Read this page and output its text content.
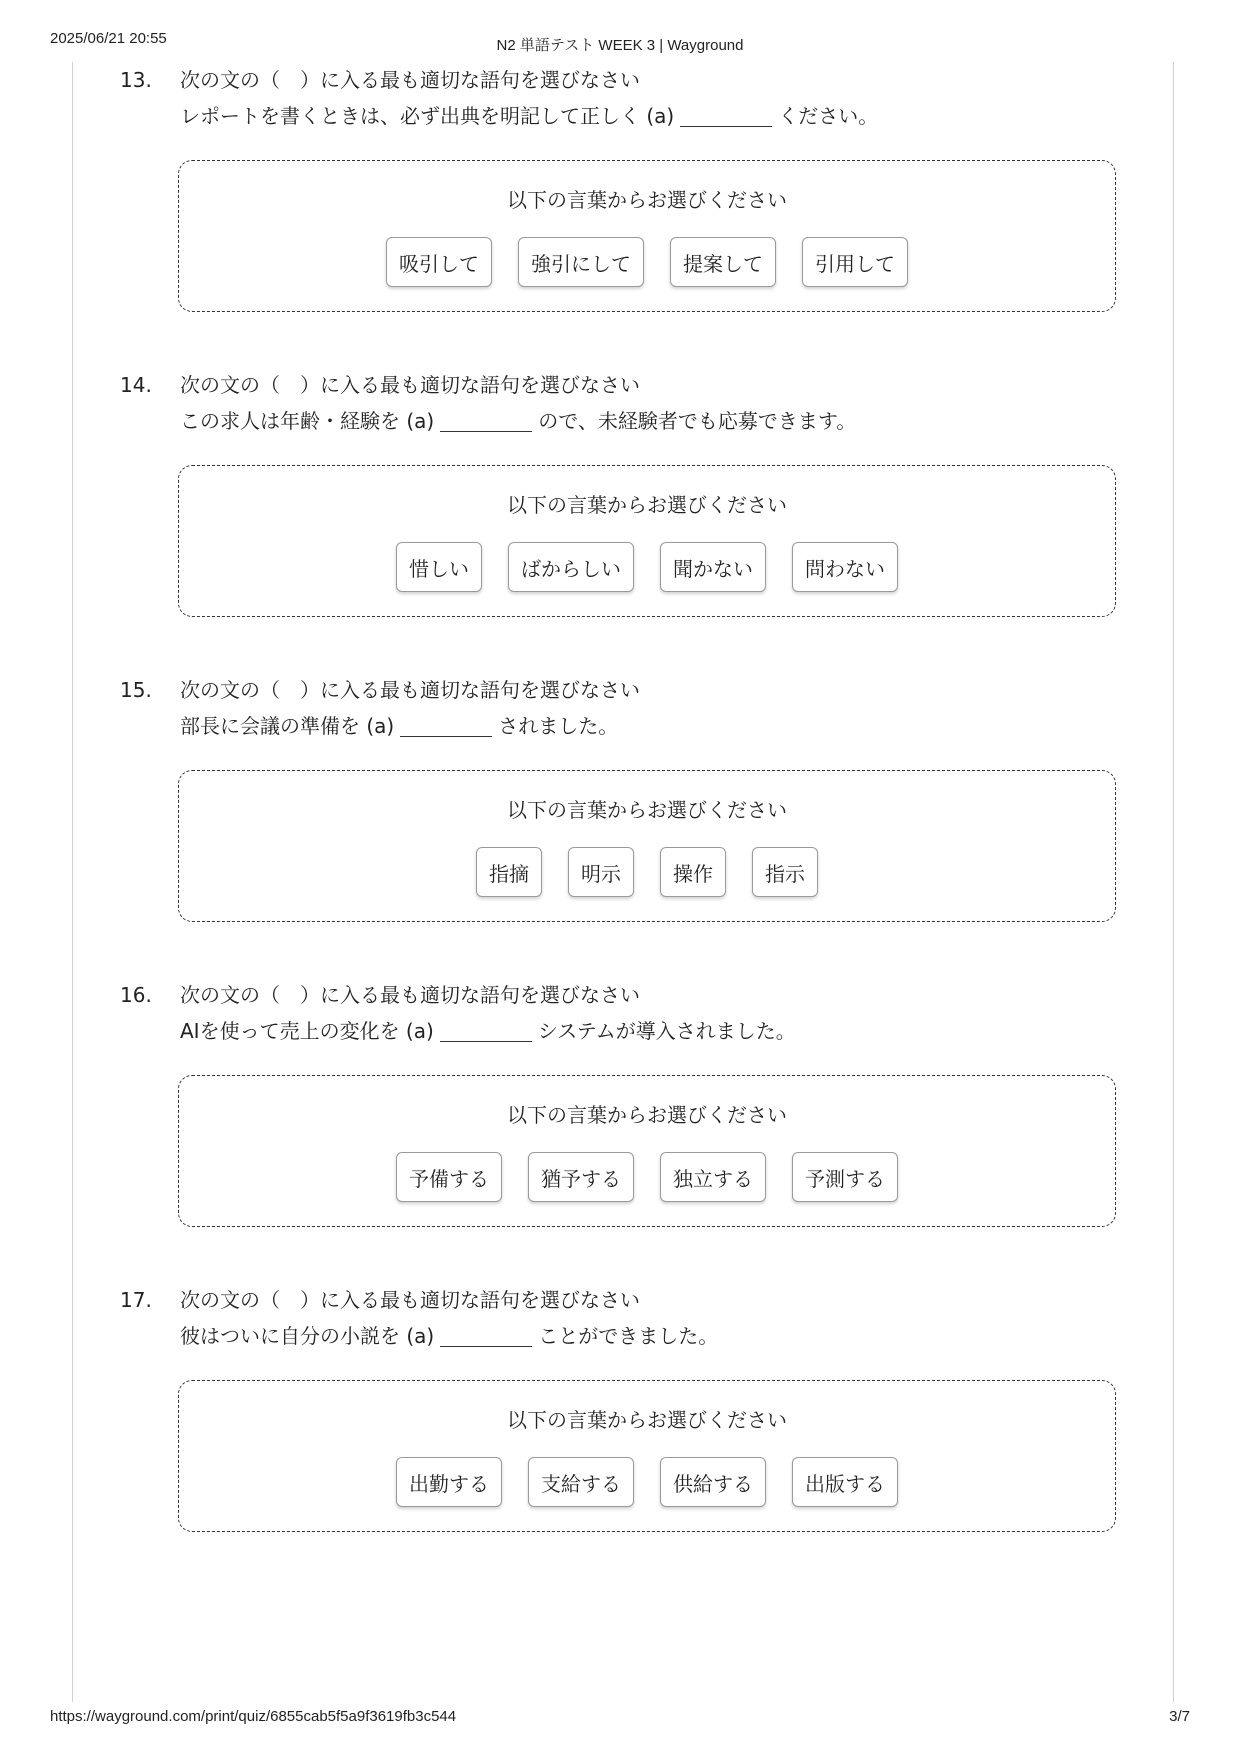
2025/06/21 20:55	N2 単語テスト WEEK 3 | Wayground
13.	次の文の（　）に入る最も適切な語句を選びなさい
レポートを書くときは、必ず出典を明記して正しく (a)	ください。
以下の言葉からお選びください
吸引して	強引にして	提案して	引用して
14.	次の文の（　）に入る最も適切な語句を選びなさい
この求人は年齢・経験を (a)	ので、未経験者でも応募できます。
以下の言葉からお選びください
惜しい	ばからしい	聞かない	問わない
15.	次の文の（　）に入る最も適切な語句を選びなさい
部長に会議の準備を (a)	されました。
以下の言葉からお選びください
指摘	明示	操作	指示
16.	次の文の（　）に入る最も適切な語句を選びなさい
AIを使って売上の変化を (a)	システムが導入されました。
以下の言葉からお選びください
予備する	猶予する	独立する	予測する
17.	次の文の（　）に入る最も適切な語句を選びなさい
彼はついに自分の小説を (a)	ことができました。
以下の言葉からお選びください
出勤する	支給する	供給する	出版する
https://wayground.com/print/quiz/6855cab5f5a9f3619fb3c544	3/7
